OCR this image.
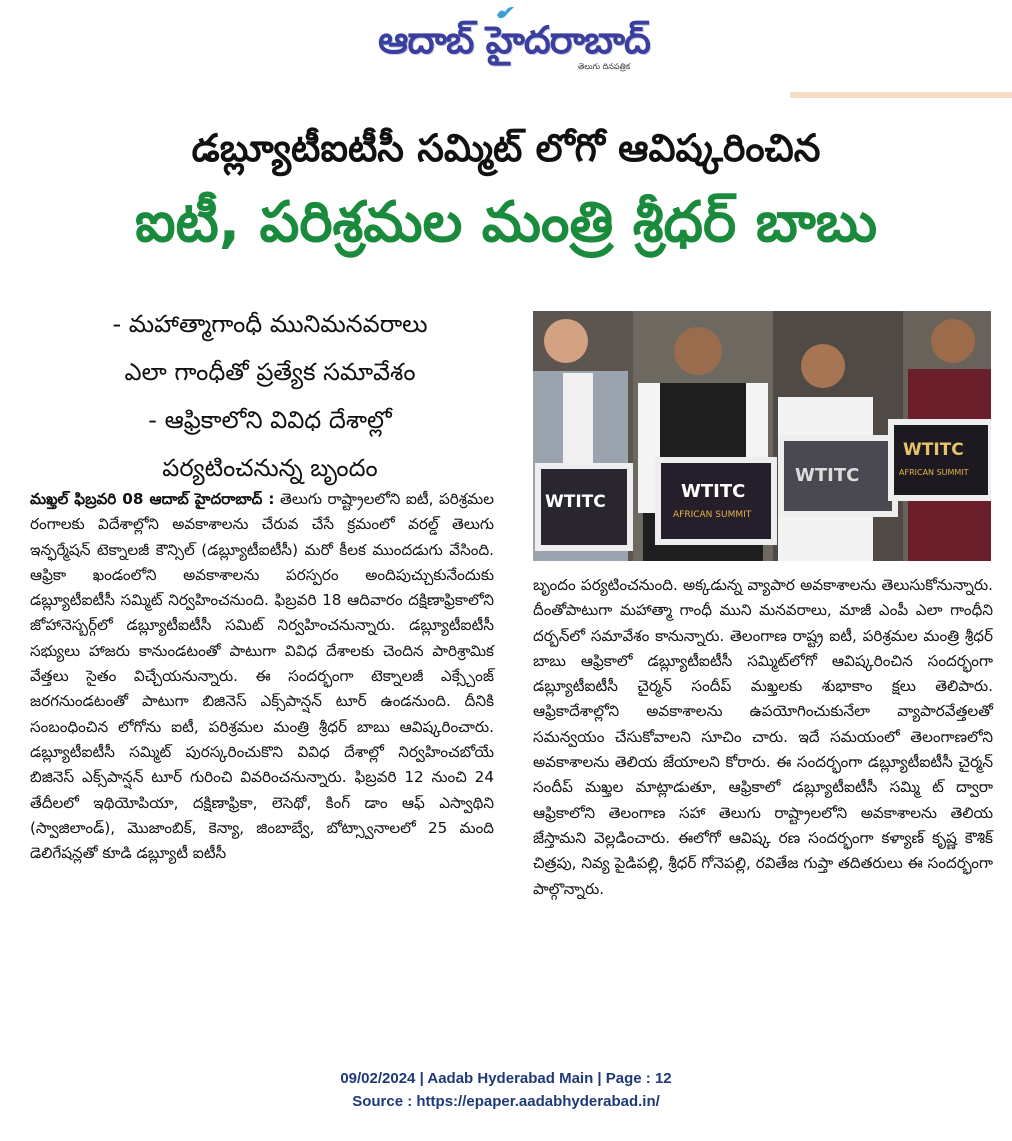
ఆదాబ్ హైదరాబాద్
తెలుగు దినపత్రిక
డబ్ల్యూటీఐటీసీ సమ్మిట్ లోగో ఆవిష్కరించిన
ఐటీ, పరిశ్రమల మంత్రి శ్రీధర్ బాబు
- మహాత్మాగాంధీ మునిమనవరాలు
ఎలా గాంధీతో ప్రత్యేక సమావేశం
- ఆఫ్రికాలోని వివిధ దేశాల్లో
పర్యటించనున్న బృందం
WTITC	WTITC
AFRICAN SUMMIT
WTITC
WTITC
AFRICAN SUMMIT
మఖ్తల్ ఫిబ్రవరి 08 ఆదాబ్ హైదరాబాద్ : తెలుగు రాష్ట్రాలలోని ఐటీ, పరిశ్రమల రంగాలకు విదేశాల్లోని అవకాశాలను చేరువ చేసే క్రమంలో వరల్డ్ తెలుగు ఇన్ఫర్మేషన్ టెక్నాలజీ కౌన్సిల్ (డబ్ల్యూటీఐటీసీ) మరో కీలక ముందడుగు వేసింది. ఆఫ్రికా ఖండంలోని అవకాశాలను పరస్పరం అందిపుచ్చుకునేందుకు డబ్ల్యూటీఐటీసీ సమ్మిట్ నిర్వహించనుంది. ఫిబ్రవరి 18 ఆదివారం దక్షిణాఫ్రికాలోని జోహానెస్బర్గ్‌లో డబ్ల్యూటీఐటీసీ సమిట్ నిర్వహించనున్నారు. డబ్ల్యూటీఐటీసీ సభ్యులు హాజరు కానుండటంతో పాటుగా వివిధ దేశాలకు చెందిన పారిశ్రామిక వేత్తలు సైతం విచ్చేయనున్నారు. ఈ సందర్భంగా టెక్నాలజీ ఎక్స్చేంజ్ జరగనుండటంతో పాటుగా బిజినెస్ ఎక్స్‌పాన్షన్ టూర్ ఉండనుంది. దీనికి సంబంధించిన లోగోను ఐటీ, పరిశ్రమల మంత్రి శ్రీధర్ బాబు ఆవిష్కరించారు. డబ్ల్యూటీఐటీసీ సమ్మిట్ పురస్కరించుకొని వివిధ దేశాల్లో నిర్వహించబోయే బిజినెస్ ఎక్స్‌పాన్షన్ టూర్ గురించి వివరించనున్నారు. ఫిబ్రవరి 12 నుంచి 24 తేదీలలో ఇథియోపియా, దక్షిణాఫ్రికా, లెసెథో, కింగ్ డాం ఆఫ్ ఎస్వాథిని (స్వాజిలాండ్), మొజాంబిక్, కెన్యా, జింబాబ్వే, బోట్స్వానాలలో 25 మంది డెలిగేషన్లతో కూడి డబ్ల్యూటీ ఐటీసీ
బృందం పర్యటించనుంది. అక్కడున్న వ్యాపార అవకాశాలను తెలుసుకోనున్నారు. దీంతోపాటుగా మహాత్మా గాంధీ ముని మనవరాలు, మాజీ ఎంపీ ఎలా గాంధీని దర్బన్‌లో సమావేశం కానున్నారు. తెలంగాణ రాష్ట్ర ఐటీ, పరిశ్రమల మంత్రి శ్రీధర్ బాబు ఆఫ్రికాలో డబ్ల్యూటీఐటీసీ సమ్మిట్‌లోగో ఆవిష్కరించిన సందర్భంగా డబ్ల్యూటీఐటీసీ చైర్మన్ సందీప్ మఖ్తలకు శుభాకాం క్షలు తెలిపారు. ఆఫ్రికాదేశాల్లోని అవకాశాలను ఉపయోగించుకునేలా వ్యాపారవేత్తలతో సమన్వయం చేసుకోవాలని సూచిం చారు. ఇదే సమయంలో తెలంగాణలోని అవకాశాలను తెలియ జేయాలని కోరారు. ఈ సందర్భంగా డబ్ల్యూటీఐటీసీ చైర్మన్ సందీప్ మఖ్తల మాట్లాడుతూ, ఆఫ్రికాలో డబ్ల్యూటీఐటీసీ సమ్మి ట్ ద్వారా ఆఫ్రికాలోని తెలంగాణ సహా తెలుగు రాష్ట్రాలలోని అవకాశాలను తెలియ జేస్తామని వెల్లడించారు. ఈలోగో ఆవిష్క రణ సందర్భంగా కళ్యాణ్ కృష్ణ కౌశిక్ చిత్రపు, నివ్య పైడిపల్లి, శ్రీధర్ గోనెపల్లి, రవితేజ గుప్తా తదితరులు ఈ సందర్భంగా పాల్గొన్నారు.
09/02/2024 | Aadab Hyderabad Main | Page : 12
Source : https://epaper.aadabhyderabad.in/
